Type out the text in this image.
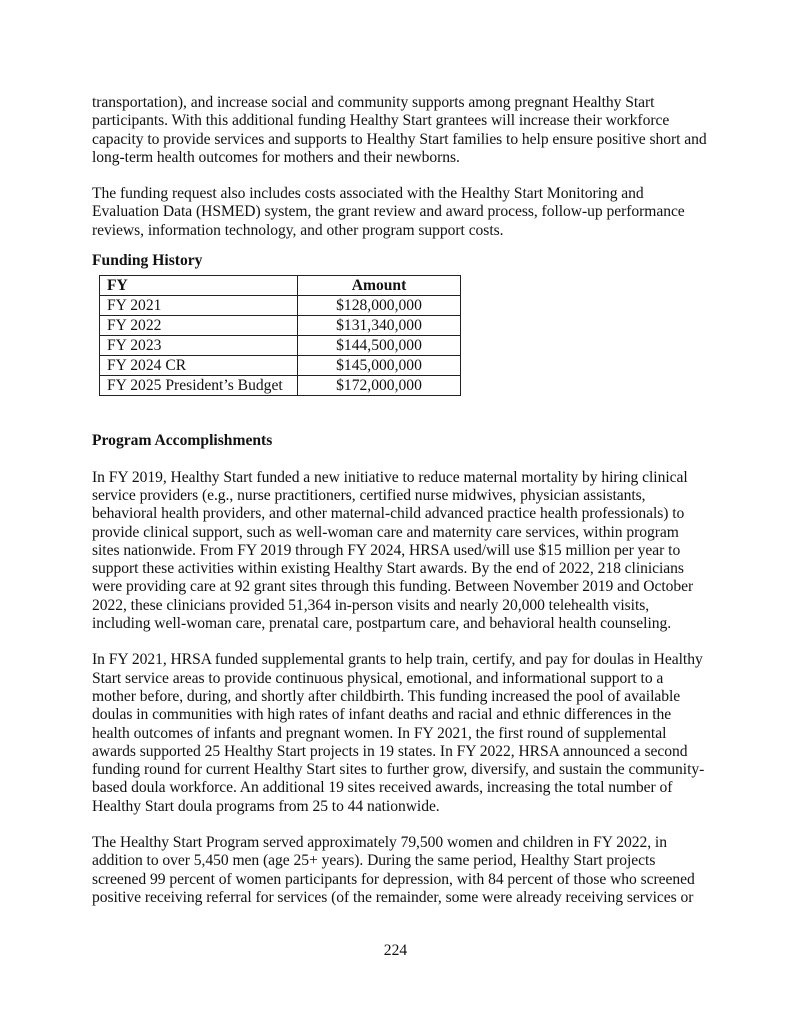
transportation), and increase social and community supports among pregnant Healthy Start participants. With this additional funding Healthy Start grantees will increase their workforce capacity to provide services and supports to Healthy Start families to help ensure positive short and long-term health outcomes for mothers and their newborns.

The funding request also includes costs associated with the Healthy Start Monitoring and Evaluation Data (HSMED) system, the grant review and award process, follow-up performance reviews, information technology, and other program support costs.

Funding History

FY	Amount
FY 2021	$128,000,000
FY 2022	$131,340,000
FY 2023	$144,500,000
FY 2024 CR	$145,000,000
FY 2025 President’s Budget	$172,000,000

Program Accomplishments

In FY 2019, Healthy Start funded a new initiative to reduce maternal mortality by hiring clinical service providers (e.g., nurse practitioners, certified nurse midwives, physician assistants, behavioral health providers, and other maternal-child advanced practice health professionals) to provide clinical support, such as well-woman care and maternity care services, within program sites nationwide. From FY 2019 through FY 2024, HRSA used/will use $15 million per year to support these activities within existing Healthy Start awards. By the end of 2022, 218 clinicians were providing care at 92 grant sites through this funding. Between November 2019 and October 2022, these clinicians provided 51,364 in-person visits and nearly 20,000 telehealth visits, including well-woman care, prenatal care, postpartum care, and behavioral health counseling.

In FY 2021, HRSA funded supplemental grants to help train, certify, and pay for doulas in Healthy Start service areas to provide continuous physical, emotional, and informational support to a mother before, during, and shortly after childbirth. This funding increased the pool of available doulas in communities with high rates of infant deaths and racial and ethnic differences in the health outcomes of infants and pregnant women. In FY 2021, the first round of supplemental awards supported 25 Healthy Start projects in 19 states. In FY 2022, HRSA announced a second funding round for current Healthy Start sites to further grow, diversify, and sustain the community-based doula workforce. An additional 19 sites received awards, increasing the total number of Healthy Start doula programs from 25 to 44 nationwide.

The Healthy Start Program served approximately 79,500 women and children in FY 2022, in addition to over 5,450 men (age 25+ years). During the same period, Healthy Start projects screened 99 percent of women participants for depression, with 84 percent of those who screened positive receiving referral for services (of the remainder, some were already receiving services or

224
